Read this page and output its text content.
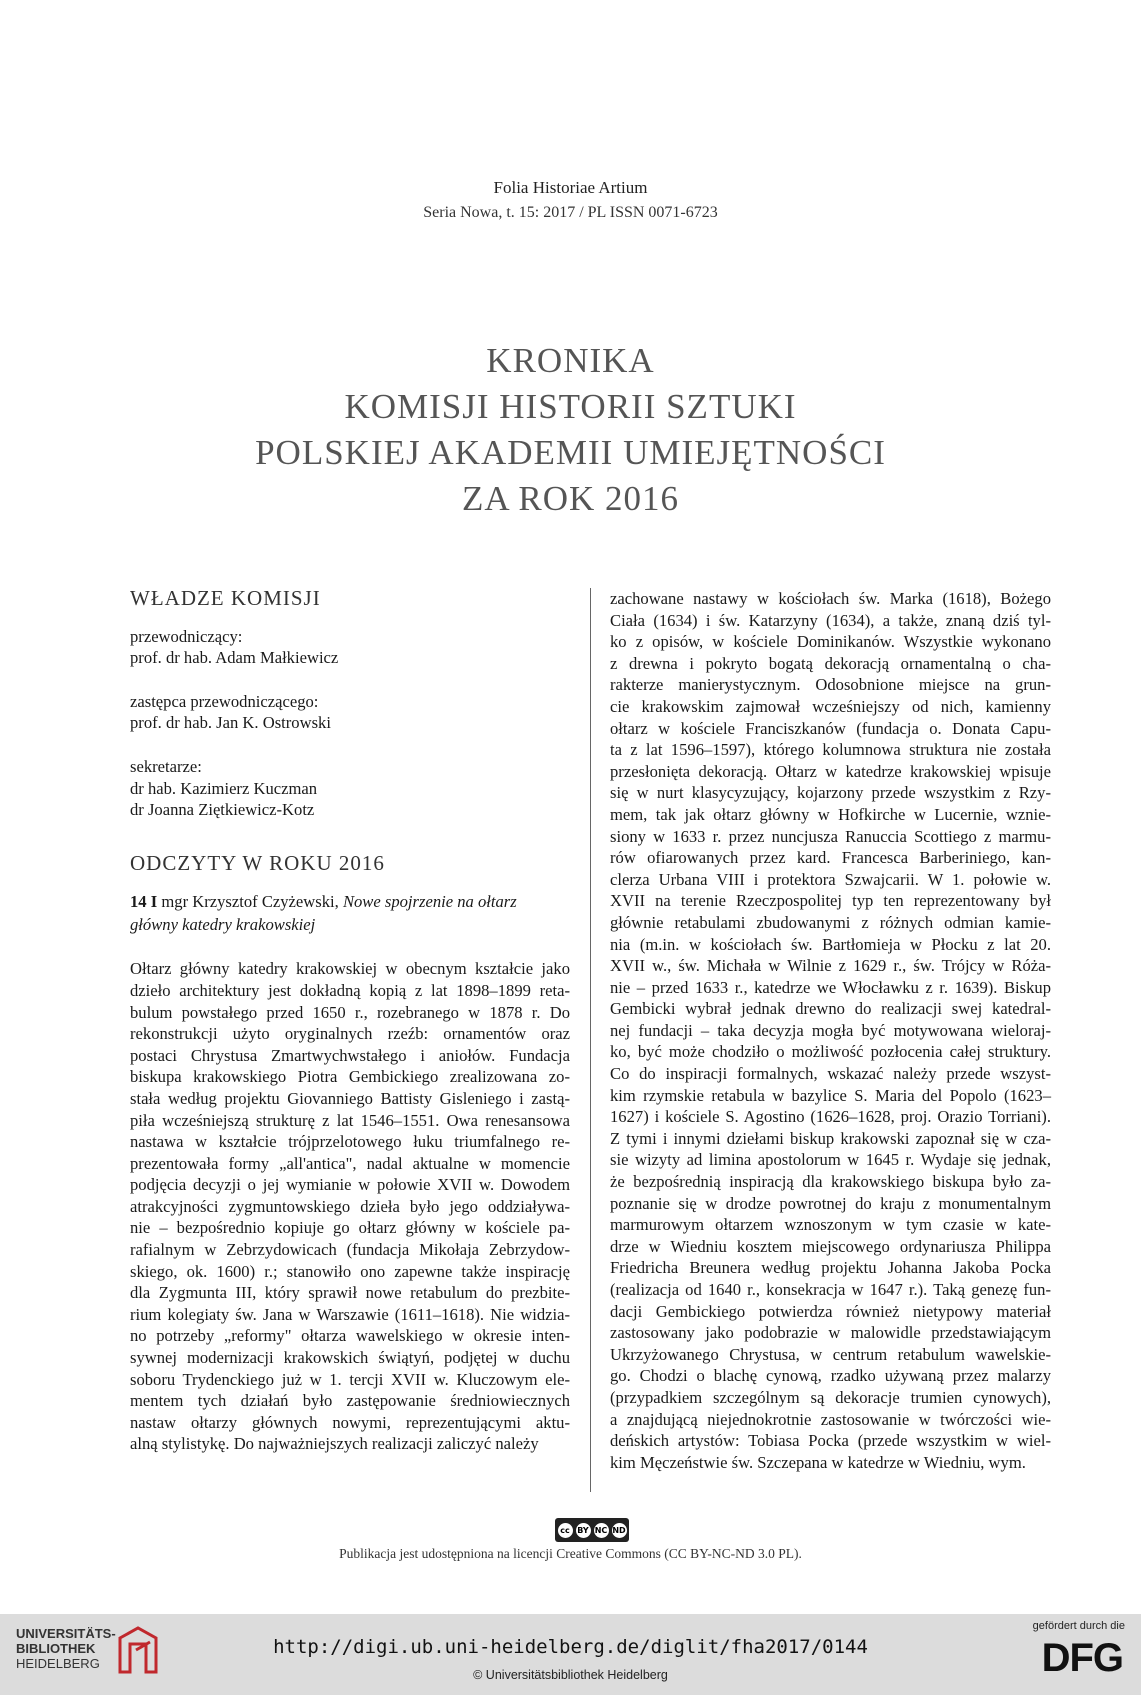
Folia Historiae Artium
Seria Nowa, t. 15: 2017 / PL ISSN 0071-6723
KRONIKA
KOMISJI HISTORII SZTUKI
POLSKIEJ AKADEMII UMIEJĘTNOŚCI
ZA ROK 2016
WŁADZE KOMISJI
przewodniczący:
prof. dr hab. Adam Małkiewicz
zastępca przewodniczącego:
prof. dr hab. Jan K. Ostrowski
sekretarze:
dr hab. Kazimierz Kuczman
dr Joanna Ziętkiewicz-Kotz
ODCZYTY W ROKU 2016
14 I mgr Krzysztof Czyżewski, Nowe spojrzenie na ołtarz
główny katedry krakowskiej
Ołtarz główny katedry krakowskiej w obecnym kształcie jako
dzieło architektury jest dokładną kopią z lat 1898–1899 reta-
bulum powstałego przed 1650 r., rozebranego w 1878 r. Do
rekonstrukcji użyto oryginalnych rzeźb: ornamentów oraz
postaci Chrystusa Zmartwychwstałego i aniołów. Fundacja
biskupa krakowskiego Piotra Gembickiego zrealizowana zo-
stała według projektu Giovanniego Battisty Gisleniego i zastą-
piła wcześniejszą strukturę z lat 1546–1551. Owa renesansowa
nastawa w kształcie trójprzelotowego łuku triumfalnego re-
prezentowała formy „all'antica", nadal aktualne w momencie
podjęcia decyzji o jej wymianie w połowie XVII w. Dowodem
atrakcyjności zygmuntowskiego dzieła było jego oddziaływa-
nie – bezpośrednio kopiuje go ołtarz główny w kościele pa-
rafialnym w Zebrzydowicach (fundacja Mikołaja Zebrzydow-
skiego, ok. 1600) r.; stanowiło ono zapewne także inspirację
dla Zygmunta III, który sprawił nowe retabulum do prezbite-
rium kolegiaty św. Jana w Warszawie (1611–1618). Nie widzia-
no potrzeby „reformy" ołtarza wawelskiego w okresie inten-
sywnej modernizacji krakowskich świątyń, podjętej w duchu
soboru Trydenckiego już w 1. tercji XVII w. Kluczowym ele-
mentem tych działań było zastępowanie średniowiecznych
nastaw ołtarzy głównych nowymi, reprezentującymi aktu-
alną stylistykę. Do najważniejszych realizacji zaliczyć należy
zachowane nastawy w kościołach św. Marka (1618), Bożego
Ciała (1634) i św. Katarzyny (1634), a także, znaną dziś tyl-
ko z opisów, w kościele Dominikanów. Wszystkie wykonano
z drewna i pokryto bogatą dekoracją ornamentalną o cha-
rakterze manierystycznym. Odosobnione miejsce na grun-
cie krakowskim zajmował wcześniejszy od nich, kamienny
ołtarz w kościele Franciszkanów (fundacja o. Donata Capu-
ta z lat 1596–1597), którego kolumnowa struktura nie została
przesłonięta dekoracją. Ołtarz w katedrze krakowskiej wpisuje
się w nurt klasycyzujący, kojarzony przede wszystkim z Rzy-
mem, tak jak ołtarz główny w Hofkirche w Lucernie, wznie-
siony w 1633 r. przez nuncjusza Ranuccia Scottiego z marmu-
rów ofiarowanych przez kard. Francesca Barberiniego, kan-
clerza Urbana VIII i protektora Szwajcarii. W 1. połowie w.
XVII na terenie Rzeczpospolitej typ ten reprezentowany był
głównie retabulami zbudowanymi z różnych odmian kamie-
nia (m.in. w kościołach św. Bartłomieja w Płocku z lat 20.
XVII w., św. Michała w Wilnie z 1629 r., św. Trójcy w Róża-
nie – przed 1633 r., katedrze we Włocławku z r. 1639). Biskup
Gembicki wybrał jednak drewno do realizacji swej katedral-
nej fundacji – taka decyzja mogła być motywowana wieloraj-
ko, być może chodziło o możliwość pozłocenia całej struktury.
Co do inspiracji formalnych, wskazać należy przede wszyst-
kim rzymskie retabula w bazylice S. Maria del Popolo (1623–
1627) i kościele S. Agostino (1626–1628, proj. Orazio Torriani).
Z tymi i innymi dziełami biskup krakowski zapoznał się w cza-
sie wizyty ad limina apostolorum w 1645 r. Wydaje się jednak,
że bezpośrednią inspiracją dla krakowskiego biskupa było za-
poznanie się w drodze powrotnej do kraju z monumentalnym
marmurowym ołtarzem wznoszonym w tym czasie w kate-
drze w Wiedniu kosztem miejscowego ordynariusza Philippa
Friedricha Breunera według projektu Johanna Jakoba Pocka
(realizacja od 1640 r., konsekracja w 1647 r.). Taką genezę fun-
dacji Gembickiego potwierdza również nietypowy materiał
zastosowany jako podobrazie w malowidle przedstawiającym
Ukrzyżowanego Chrystusa, w centrum retabulum wawelskie-
go. Chodzi o blachę cynową, rzadko używaną przez malarzy
(przypadkiem szczególnym są dekoracje trumien cynowych),
a znajdującą niejednokrotnie zastosowanie w twórczości wie-
deńskich artystów: Tobiasa Pocka (przede wszystkim w wiel-
kim Męczeństwie św. Szczepana w katedrze w Wiedniu, wym.
cc BY NC ND
Publikacja jest udostępniona na licencji Creative Commons (CC BY-NC-ND 3.0 PL).
UNIVERSITÄTS-
BIBLIOTHEK
HEIDELBERG
http://digi.ub.uni-heidelberg.de/diglit/fha2017/0144
© Universitätsbibliothek Heidelberg
gefördert durch die
DFG
